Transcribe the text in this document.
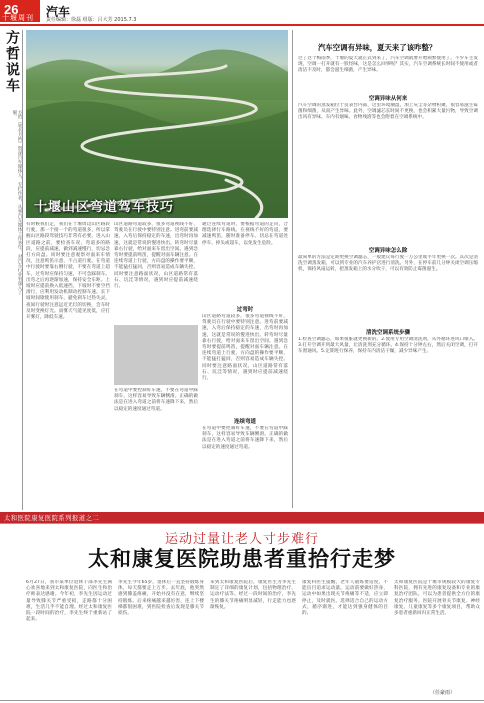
26
十堰周刊 汽车
责任编辑：徐磊 组版：吕大芳 2015.7.3
方哲说车
方哲（笔名方哲）资深汽车媒体人，专栏作者，从事汽车媒体工作多年，对汽车行业有深入了解。
十堰山区弯道驾车技巧
有时候我们走，我们在十堰周边山区路段行驶，那一个接一个的弯道很多，所以掌握山区路段驾驶技巧非常有必要。进入山区道路之前，要检查车况，弯道多的路段，应提前减速，做到减速慢行，切忌急打方向盘。同时要注意观察对面来车情况，注意鸣笛示意，不占道行驶。在弯道中行驶时要靠右侧行驶，不要在弯道上超车，过弯时应保持匀速，不可急踩刹车。出弯之后再逐渐加速，保持安全车距。上坡时应提前换入低速挡，下坡时不要空挡滑行，应利用发动机制动控制车速。长下坡时间歇使用刹车，避免刹车过热失灵。夜间行驶时注意远近光灯的切换，会车时及时变换灯光。雨雾天气能见度低，应打开雾灯，降低车速。
山区道路弯道较多，很多弯道视线不好，驾驶员在行驶中要特别注意。进弯前要减速，入弯后保持稳定的车速，出弯时再加速，这就是常说的慢进快出。转弯时尽量靠右行驶，给对面来车留出空间。遇到急弯时要提前鸣笛，提醒对面车辆注意。在连续弯道上行驶，方向盘的操作要平顺，不能猛打猛回，否则容易造成车辆失控。同时要注意路面状况，山区道路常有落石、坑洼等情况，遇到时应提前减速绕行。
在弯道中要控制好车速，不要在弯道中踩刹车，这样容易导致车辆侧滑。正确的做法是在进入弯道之前将车速降下来，然后以稳定的速度通过弯道。
通过连续弯道时，要根据弯道的走向，合理选择行车路线。在视线不好的弯道，要减速鸣笛，随时准备停车。切忌在弯道处停车、掉头或超车，以免发生危险。
过弯时
山区道路弯道较多，很多弯道视线不好，驾驶员在行驶中要特别注意。进弯前要减速，入弯后保持稳定的车速，出弯时再加速，这就是常说的慢进快出。转弯时尽量靠右行驶，给对面来车留出空间。遇到急弯时要提前鸣笛，提醒对面车辆注意。在连续弯道上行驶，方向盘的操作要平顺，不能猛打猛回，否则容易造成车辆失控。同时要注意路面状况，山区道路常有落石、坑洼等情况，遇到时应提前减速绕行。
连续弯道
在弯道中要控制好车速，不要在弯道中踩刹车，这样容易导致车辆侧滑。正确的做法是在进入弯道之前将车速降下来，然后以稳定的速度通过弯道。
汽车空调有异味，夏天来了该咋整？
过了这个梅雨季，十堰的夏天就正式到来了，汽车空调就要开始频繁使用了。不少车主发现，空调一打开就有一股怪味，这是怎么回事呢？其实，汽车空调系统长时间不使用或者清洁不及时，都会滋生细菌，产生异味。
空调异味从何来
汽车空调的蒸发箱位于仪表台内部，这里环境潮湿，加上灰尘等杂物积聚，很容易滋生霉菌和细菌，从而产生异味。此外，空调滤芯长时间不更换，也会积累大量污物，导致空调出风有异味。车内有烟味、食物残渣等也会附着在空调系统中。
空调异味怎么除
最简单的方法是定期更换空调滤芯，一般建议每行驶一万公里或半年更换一次。其次是清洗空调蒸发箱，可以到专业的汽车养护店进行清洗。另外，在停车前几分钟关闭空调压缩机，保持风扇运转，把蒸发箱上的水分吹干，可以有效防止霉菌滋生。
清洗空调系统步骤
1.检查空调滤芯，如果很脏就更换新的。2.使用专用空调清洗剂，从外循环进风口喷入。3.打开空调开到最大风量，让清洗剂充分循环。4.保持十分钟左右，然后关闭空调，打开车窗通风。5.定期进行保养，保持车内清洁干燥，减少异味产生。
太和医院康复医院系列报道之二
运动过量让老人寸步难行
太和康复医院助患者重拾行走梦
6月27日，我市某单位退休干部李先生满心欢喜地来到太和康复医院，向医生和治疗师表达感谢。今年初，李先生因运动过量导致膝关节严重受损，走路都十分困难，生活几乎不能自理。经过太和康复医院一段时间的治疗，李先生终于重新站了起来。
李先生今年65岁，退休后一直坚持锻炼身体，每天都要走上万步。去年底，他突然感到膝盖疼痛，开始并没有在意，继续坚持锻炼。后来疼痛越来越厉害，连上下楼梯都很困难，到医院检查后发现是膝关节损伤。
来到太和康复医院后，康复医生为李先生制定了详细的康复计划，包括物理治疗、运动疗法等。经过一段时间的治疗，李先生的膝关节疼痛明显减轻，行走能力也逐渐恢复。
康复科医生提醒，老年人锻炼要适度，不能盲目追求运动量。运动前要做好热身，运动中如果出现关节疼痛等不适，应立即停止，及时就医。选择适合自己的运动方式，循序渐进，才能达到强身健体的目的。
太和康复医院是十堰市规模较大的康复专科医院，拥有先进的康复设备和专业的康复治疗团队，可以为患者提供全方位的康复治疗服务。医院开展骨关节康复、神经康复、儿童康复等多个康复项目，帮助众多患者重新回归正常生活。
（任豪雨）
